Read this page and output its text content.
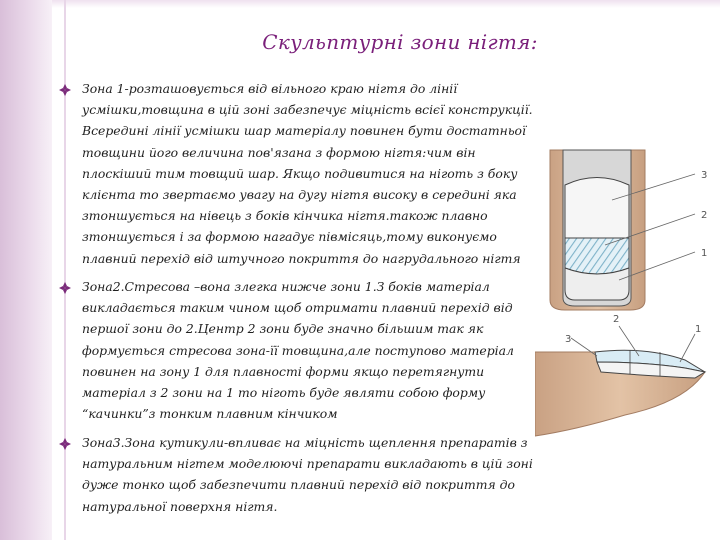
Скульптурні зони нігтя:
Зона 1-розташовується від вільного краю нігтя до лінії усмішки,товщина в цій зоні забезпечує міцність всієї конструкції. Всередині лінії усмішки шар матеріалу повинен бути достатньої товщини його величина пов'язана з формою нігтя:чим він плоскіший тим товщий шар. Якщо подивитися на ніготь з боку клієнта то звертаємо увагу на дугу нігтя високу в середині яка зтоншується на нівець з боків кінчика нігтя.також плавно зтоншується і за формою нагадує півмісяць,тому виконуємо плавний перехід від штучного покриття до нагрудального нігтя
Зона2.Стресова –вона злегка нижче зони 1.З боків матеріал викладається таким чином щоб отримати плавний перехід від першої зони до 2.Центр 2 зони буде значно більшим так як формується стресова зона-її товщина,але поступово матеріал повинен на зону 1 для плавності форми якщо перетягнути матеріал з 2 зони на 1 то ніготь буде являти собою форму “качинки”з тонким плавним кінчиком
Зона3.Зона кутикули-впливає на міцність щеплення препаратів з натуральним нігтем моделюючі препарати викладають в цій зоні дуже тонко щоб забезпечити плавний перехід від покриття до натуральної поверхня нігтя.
3
2
1
2
3
1
